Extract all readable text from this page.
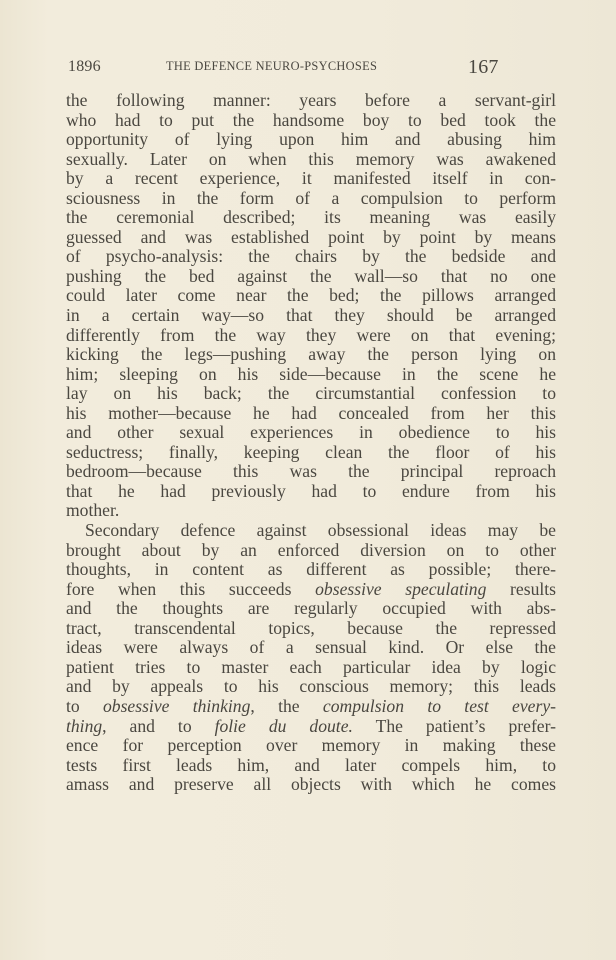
1896	THE DEFENCE NEURO-PSYCHOSES	167
the following manner: years before a servant-girl
who had to put the handsome boy to bed took the
opportunity of lying upon him and abusing him
sexually. Later on when this memory was awakened
by a recent experience, it manifested itself in con-
sciousness in the form of a compulsion to perform
the ceremonial described; its meaning was easily
guessed and was established point by point by means
of psycho-analysis: the chairs by the bedside and
pushing the bed against the wall—so that no one
could later come near the bed; the pillows arranged
in a certain way—so that they should be arranged
differently from the way they were on that evening;
kicking the legs—pushing away the person lying on
him; sleeping on his side—because in the scene he
lay on his back; the circumstantial confession to
his mother—because he had concealed from her this
and other sexual experiences in obedience to his
seductress; finally, keeping clean the floor of his
bedroom—because this was the principal reproach
that he had previously had to endure from his
mother.
Secondary defence against obsessional ideas may be
brought about by an enforced diversion on to other
thoughts, in content as different as possible; there-
fore when this succeeds obsessive speculating results
and the thoughts are regularly occupied with abs-
tract, transcendental topics, because the repressed
ideas were always of a sensual kind. Or else the
patient tries to master each particular idea by logic
and by appeals to his conscious memory; this leads
to obsessive thinking, the compulsion to test every-
thing, and to folie du doute. The patient’s prefer-
ence for perception over memory in making these
tests first leads him, and later compels him, to
amass and preserve all objects with which he comes
